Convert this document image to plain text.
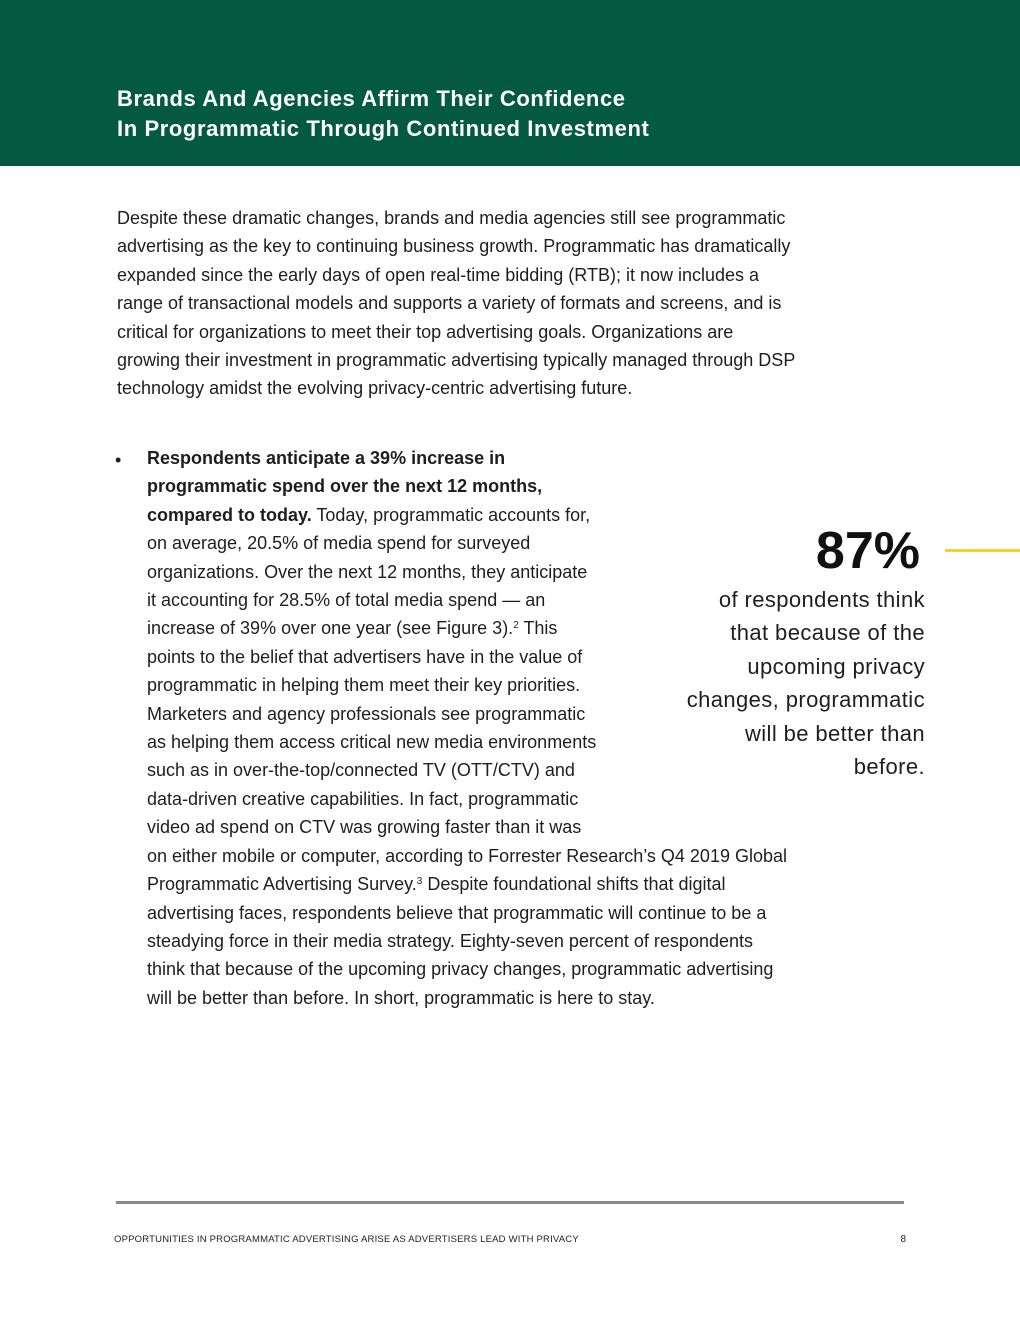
Brands And Agencies Affirm Their Confidence
In Programmatic Through Continued Investment

Despite these dramatic changes, brands and media agencies still see programmatic advertising as the key to continuing business growth. Programmatic has dramatically expanded since the early days of open real-time bidding (RTB); it now includes a range of transactional models and supports a variety of formats and screens, and is critical for organizations to meet their top advertising goals. Organizations are growing their investment in programmatic advertising typically managed through DSP technology amidst the evolving privacy-centric advertising future.

• Respondents anticipate a 39% increase in programmatic spend over the next 12 months, compared to today. Today, programmatic accounts for, on average, 20.5% of media spend for surveyed organizations. Over the next 12 months, they anticipate it accounting for 28.5% of total media spend — an increase of 39% over one year (see Figure 3).$^2$ This points to the belief that advertisers have in the value of programmatic in helping them meet their key priorities. Marketers and agency professionals see programmatic as helping them access critical new media environments such as in over-the-top/connected TV (OTT/CTV) and data-driven creative capabilities. In fact, programmatic video ad spend on CTV was growing faster than it was on either mobile or computer, according to Forrester Research’s Q4 2019 Global Programmatic Advertising Survey.$^3$ Despite foundational shifts that digital advertising faces, respondents believe that programmatic will continue to be a steadying force in their media strategy. Eighty-seven percent of respondents think that because of the upcoming privacy changes, programmatic advertising will be better than before. In short, programmatic is here to stay.

87%

of respondents think that because of the upcoming privacy changes, programmatic will be better than before.

OPPORTUNITIES IN PROGRAMMATIC ADVERTISING ARISE AS ADVERTISERS LEAD WITH PRIVACY	8
